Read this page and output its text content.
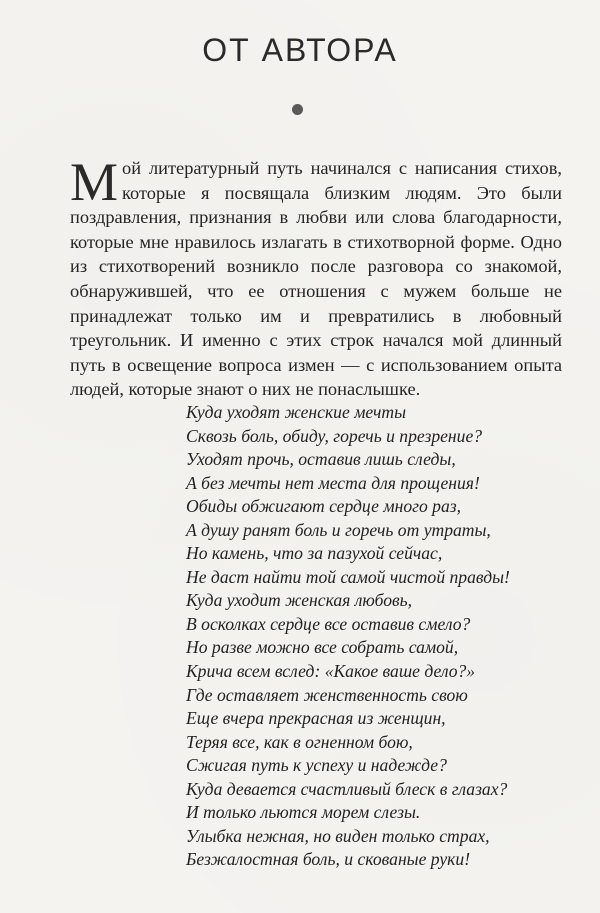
ОТ АВТОРА

Мой литературный путь начинался с написания стихов, которые я посвящала близким людям. Это были поздравления, признания в любви или слова благодарности, которые мне нравилось излагать в стихотворной форме. Одно из стихотворений возникло после разговора со знакомой, обнаружившей, что ее отношения с мужем больше не принадлежат только им и превратились в любовный треугольник. И именно с этих строк начался мой длинный путь в освещение вопроса измен — с использованием опыта людей, которые знают о них не понаслышке.

Куда уходят женские мечты
Сквозь боль, обиду, горечь и презрение?
Уходят прочь, оставив лишь следы,
А без мечты нет места для прощения!
Обиды обжигают сердце много раз,
А душу ранят боль и горечь от утраты,
Но камень, что за пазухой сейчас,
Не даст найти той самой чистой правды!
Куда уходит женская любовь,
В осколках сердце все оставив смело?
Но разве можно все собрать самой,
Крича всем вслед: «Какое ваше дело?»
Где оставляет женственность свою
Еще вчера прекрасная из женщин,
Теряя все, как в огненном бою,
Сжигая путь к успеху и надежде?
Куда девается счастливый блеск в глазах?
И только льются морем слезы.
Улыбка нежная, но виден только страх,
Безжалостная боль, и скованые руки!
